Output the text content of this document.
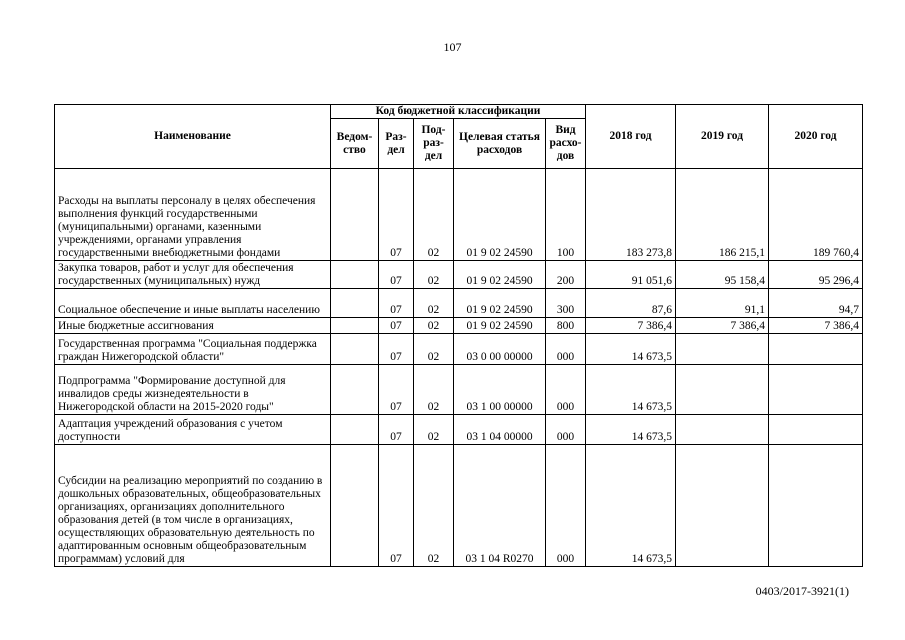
107
Наименование	Код бюджетной классификации					2018 год	2019 год	2020 год
	Ведом-ство	Раз-дел	Под-раз-дел	Целевая статья расходов	Вид расхо-дов			
Расходы на выплаты персоналу в целях обеспечения выполнения функций государственными (муниципальными) органами, казенными учреждениями, органами управления государственными внебюджетными фондами		07	02	01 9 02 24590	100	183 273,8	186 215,1	189 760,4
Закупка товаров, работ и услуг для обеспечения государственных (муниципальных) нужд		07	02	01 9 02 24590	200	91 051,6	95 158,4	95 296,4
Социальное обеспечение и иные выплаты населению		07	02	01 9 02 24590	300	87,6	91,1	94,7
Иные бюджетные ассигнования		07	02	01 9 02 24590	800	7 386,4	7 386,4	7 386,4
Государственная программа "Социальная поддержка граждан Нижегородской области"		07	02	03 0 00 00000	000	14 673,5		
Подпрограмма "Формирование доступной для инвалидов среды жизнедеятельности в Нижегородской области на 2015-2020 годы"		07	02	03 1 00 00000	000	14 673,5		
Адаптация учреждений образования с учетом доступности		07	02	03 1 04 00000	000	14 673,5		
Субсидии на реализацию мероприятий по созданию в дошкольных образовательных, общеобразовательных организациях, организациях дополнительного образования детей (в том числе в организациях, осуществляющих образовательную деятельность по адаптированным основным общеобразовательным программам) условий для		07	02	03 1 04 R0270	000	14 673,5		
0403/2017-3921(1)
